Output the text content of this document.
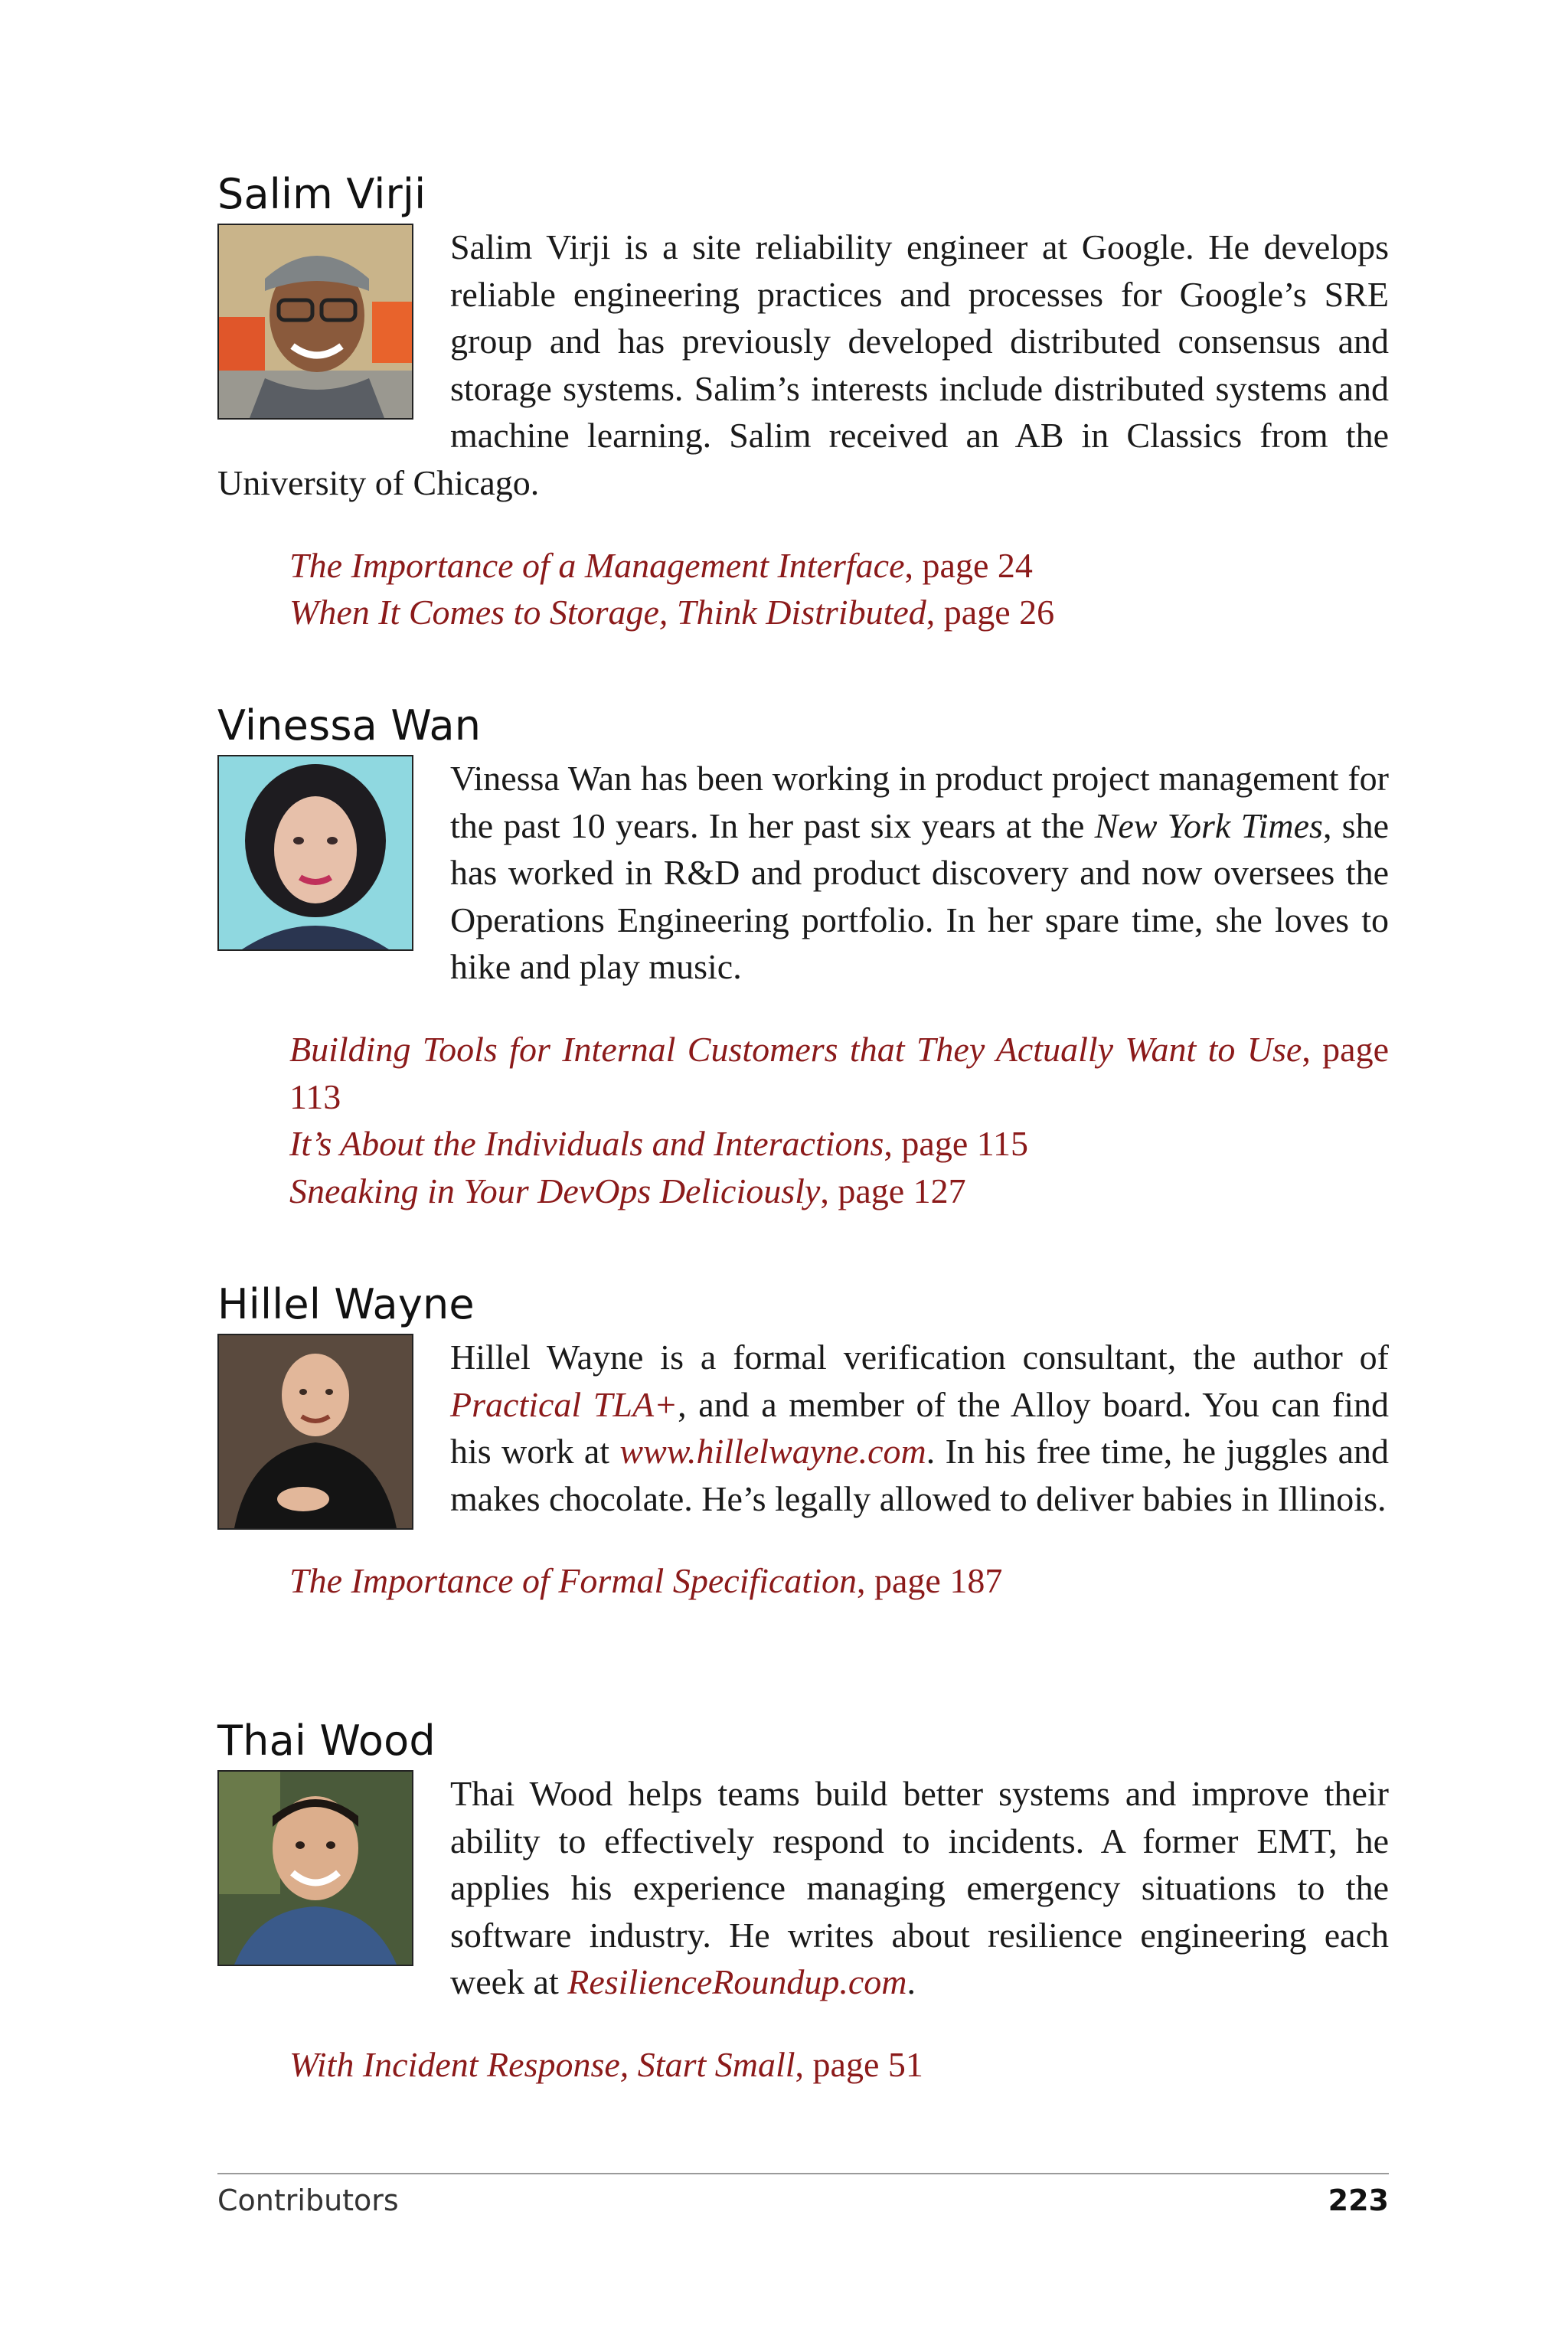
Salim Virji

Salim Virji is a site reliability engineer at Google. He develops reliable engineering practices and processes for Google’s SRE group and has previously developed distributed consensus and storage systems. Salim’s interests include distributed systems and machine learning. Salim received an AB in Classics from the University of Chicago.

The Importance of a Management Interface, page 24
When It Comes to Storage, Think Distributed, page 26
Vinessa Wan

Vinessa Wan has been working in product project management for the past 10 years. In her past six years at the New York Times, she has worked in R&D and product discovery and now oversees the Operations Engineering portfolio. In her spare time, she loves to hike and play music.

Building Tools for Internal Customers that They Actually Want to Use, page 113
It’s About the Individuals and Interactions, page 115
Sneaking in Your DevOps Deliciously, page 127
Hillel Wayne

Hillel Wayne is a formal verification consultant, the author of Practical TLA+, and a member of the Alloy board. You can find his work at www.hillelwayne.com. In his free time, he juggles and makes chocolate. He’s legally allowed to deliver babies in Illinois.

The Importance of Formal Specification, page 187
Thai Wood

Thai Wood helps teams build better systems and improve their ability to effectively respond to incidents. A former EMT, he applies his experience managing emergency situations to the software industry. He writes about resilience engineering each week at ResilienceRoundup.com.

With Incident Response, Start Small, page 51
Contributors	223
